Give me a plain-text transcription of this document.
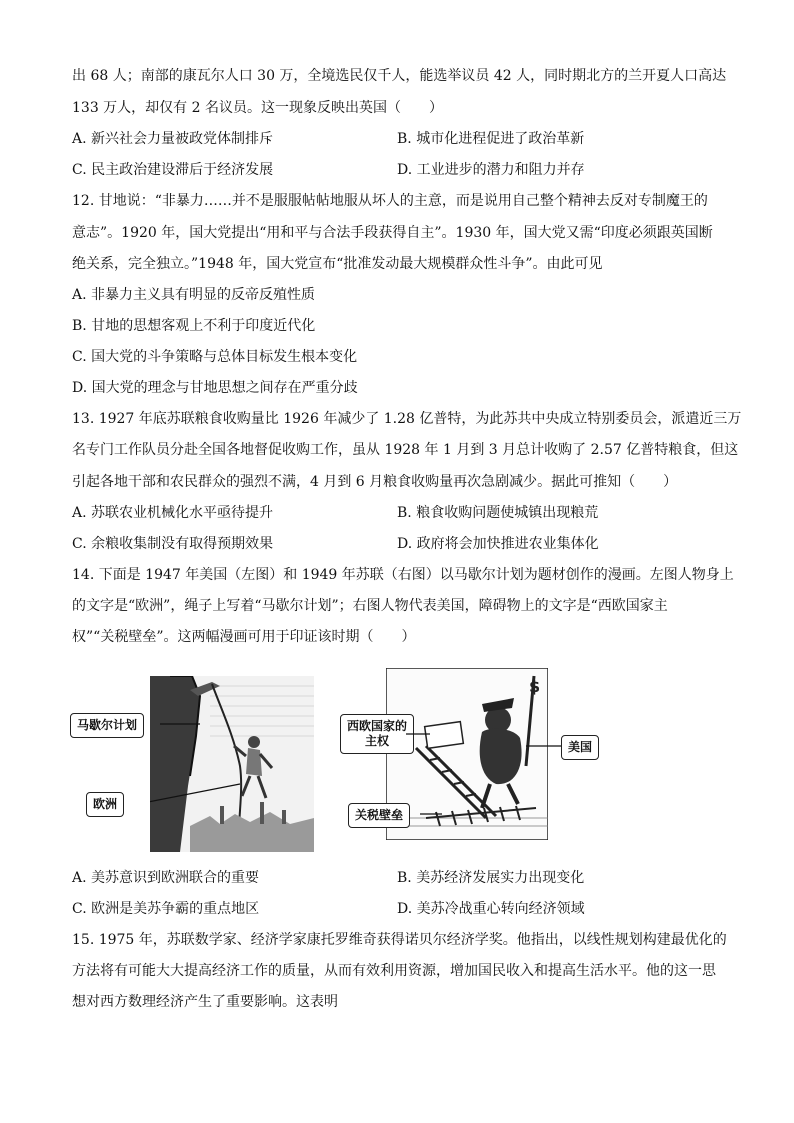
出 68 人；南部的康瓦尔人口 30 万，全境选民仅千人，能选举议员 42 人，同时期北方的兰开夏人口高达
133 万人，却仅有 2 名议员。这一现象反映出英国（　　）
A. 新兴社会力量被政党体制排斥	B. 城市化进程促进了政治革新
C. 民主政治建设滞后于经济发展	D. 工业进步的潜力和阻力并存
12. 甘地说：“非暴力……并不是服服帖帖地服从坏人的主意，而是说用自己整个精神去反对专制魔王的
意志”。1920 年，国大党提出“用和平与合法手段获得自主”。1930 年，国大党又需“印度必须跟英国断
绝关系，完全独立。”1948 年，国大党宣布“批准发动最大规模群众性斗争”。由此可见
A. 非暴力主义具有明显的反帝反殖性质
B. 甘地的思想客观上不利于印度近代化
C. 国大党的斗争策略与总体目标发生根本变化
D. 国大党的理念与甘地思想之间存在严重分歧
13. 1927 年底苏联粮食收购量比 1926 年减少了 1.28 亿普特，为此苏共中央成立特别委员会，派遣近三万
名专门工作队员分赴全国各地督促收购工作，虽从 1928 年 1 月到 3 月总计收购了 2.57 亿普特粮食，但这
引起各地干部和农民群众的强烈不满，4 月到 6 月粮食收购量再次急剧减少。据此可推知（　　）
A. 苏联农业机械化水平亟待提升	B. 粮食收购问题使城镇出现粮荒
C. 余粮收集制没有取得预期效果	D. 政府将会加快推进农业集体化
14. 下面是 1947 年美国（左图）和 1949 年苏联（右图）以马歇尔计划为题材创作的漫画。左图人物身上
的文字是“欧洲”，绳子上写着“马歇尔计划”；右图人物代表美国，障碍物上的文字是“西欧国家主
权”“关税壁垒”。这两幅漫画可用于印证该时期（　　）
马歇尔计划
欧洲
$
西欧国家的
主权	美国
关税壁垒
A. 美苏意识到欧洲联合的重要	B. 美苏经济发展实力出现变化
C. 欧洲是美苏争霸的重点地区	D. 美苏冷战重心转向经济领域
15. 1975 年，苏联数学家、经济学家康托罗维奇获得诺贝尔经济学奖。他指出，以线性规划构建最优化的
方法将有可能大大提高经济工作的质量，从而有效利用资源，增加国民收入和提高生活水平。他的这一思
想对西方数理经济产生了重要影响。这表明
